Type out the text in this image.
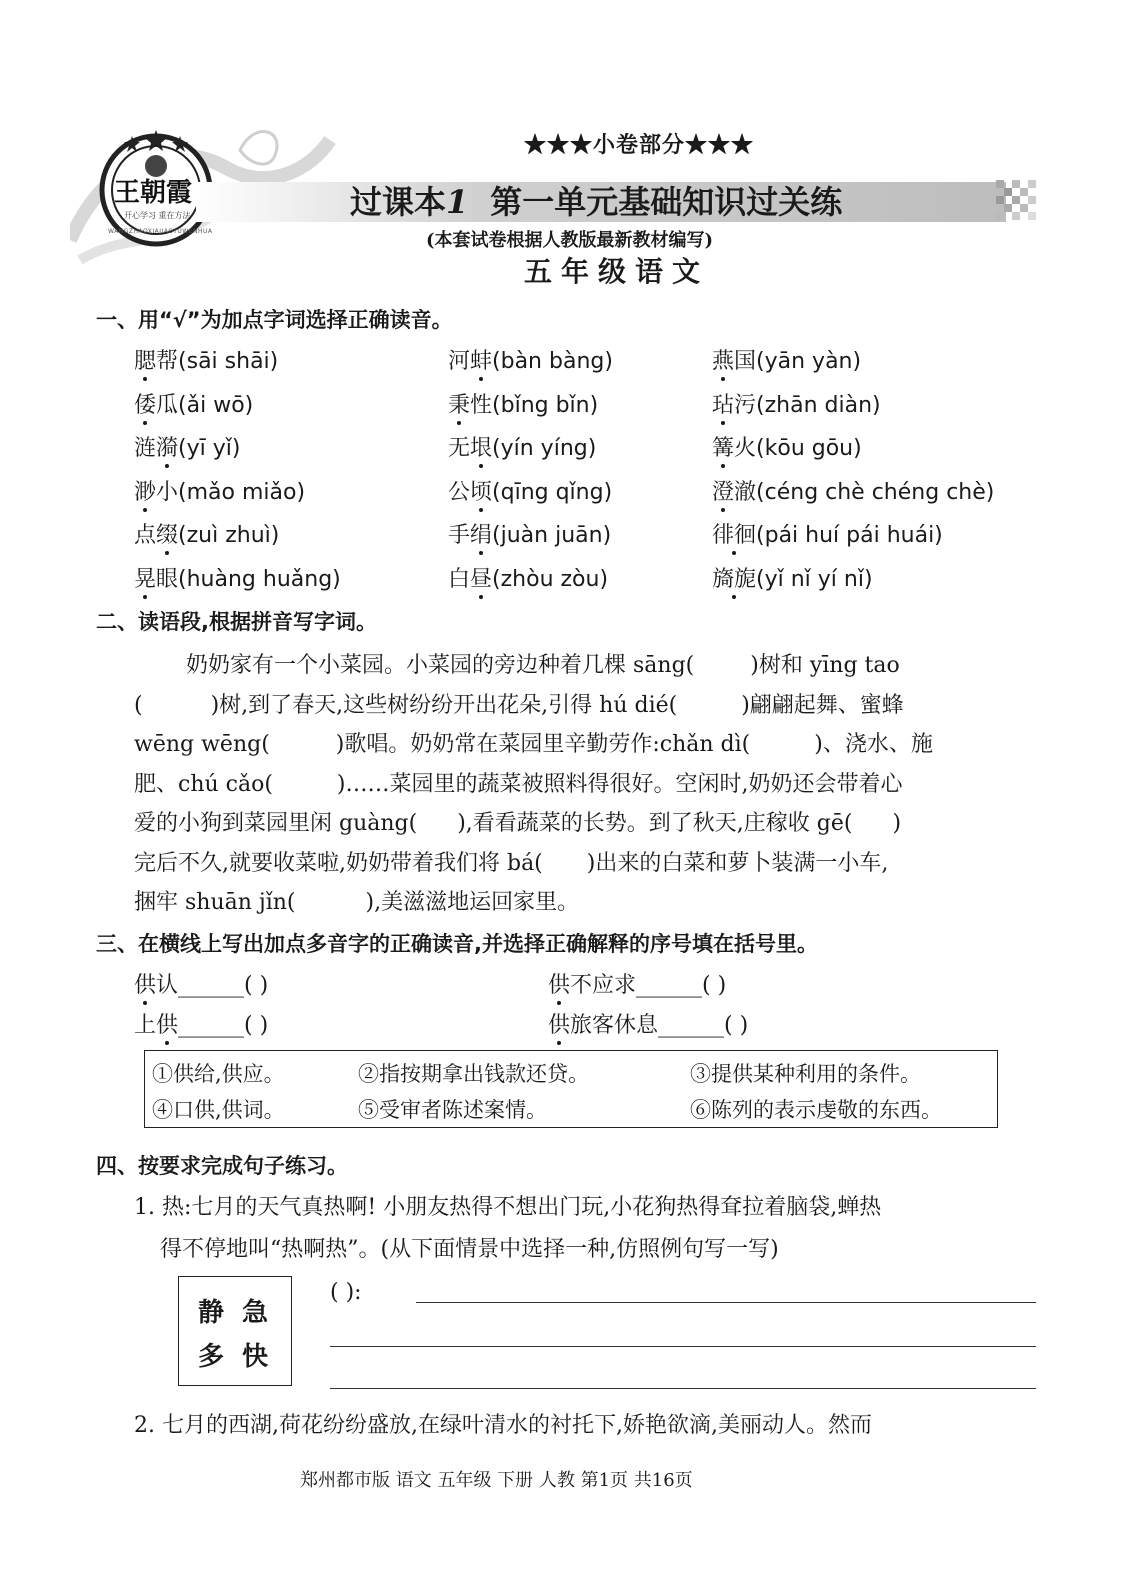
王朝霞
开心学习 重在方法
WANGZHAOXIAJIAOYUWENHUA
★★★小卷部分★★★
过课本1 第一单元基础知识过关练
(本套试卷根据人教版最新教材编写)
五年级语文
一、用“√”为加点字词选择正确读音。
腮帮(sāi shāi)	河蚌(bàn bàng)	燕国(yān yàn)
倭瓜(ǎi wō)	秉性(bǐng bǐn)	玷污(zhān diàn)
涟漪(yī yǐ)	无垠(yín yíng)	篝火(kōu gōu)
渺小(mǎo miǎo)	公顷(qīng qǐng)	澄澈(céng chè chéng chè)
点缀(zuì zhuì)	手绢(juàn juān)	徘徊(pái huí pái huái)
晃眼(huàng huǎng)	白昼(zhòu zòu)	旖旎(yǐ nǐ yí nǐ)
二、读语段,根据拼音写字词。
奶奶家有一个小菜园。小菜园的旁边种着几棵 sāng(	)树和 yīng tao
(	)树,到了春天,这些树纷纷开出花朵,引得 hú dié(	)翩翩起舞、蜜蜂
wēng wēng(	)歌唱。奶奶常在菜园里辛勤劳作:chǎn dì(	)、浇水、施
肥、chú cǎo(	)……菜园里的蔬菜被照料得很好。空闲时,奶奶还会带着心
爱的小狗到菜园里闲 guàng( ),看看蔬菜的长势。到了秋天,庄稼收 gē( )
完后不久,就要收菜啦,奶奶带着我们将 bá( )出来的白菜和萝卜装满一小车,
捆牢 shuān jǐn(	),美滋滋地运回家里。
三、在横线上写出加点多音字的正确读音,并选择正确解释的序号填在括号里。
供认______( )	供不应求______( )
上供______( )	供旅客休息______( )
①供给,供应。	②指按期拿出钱款还贷。	③提供某种利用的条件。
④口供,供词。	⑤受审者陈述案情。	⑥陈列的表示虔敬的东西。
四、按要求完成句子练习。
1. 热:七月的天气真热啊! 小朋友热得不想出门玩,小花狗热得耷拉着脑袋,蝉热
得不停地叫“热啊热”。(从下面情景中选择一种,仿照例句写一写)
静 急
多 快
( ):
2. 七月的西湖,荷花纷纷盛放,在绿叶清水的衬托下,娇艳欲滴,美丽动人。然而
郑州都市版 语文 五年级 下册 人教 第1页 共16页
